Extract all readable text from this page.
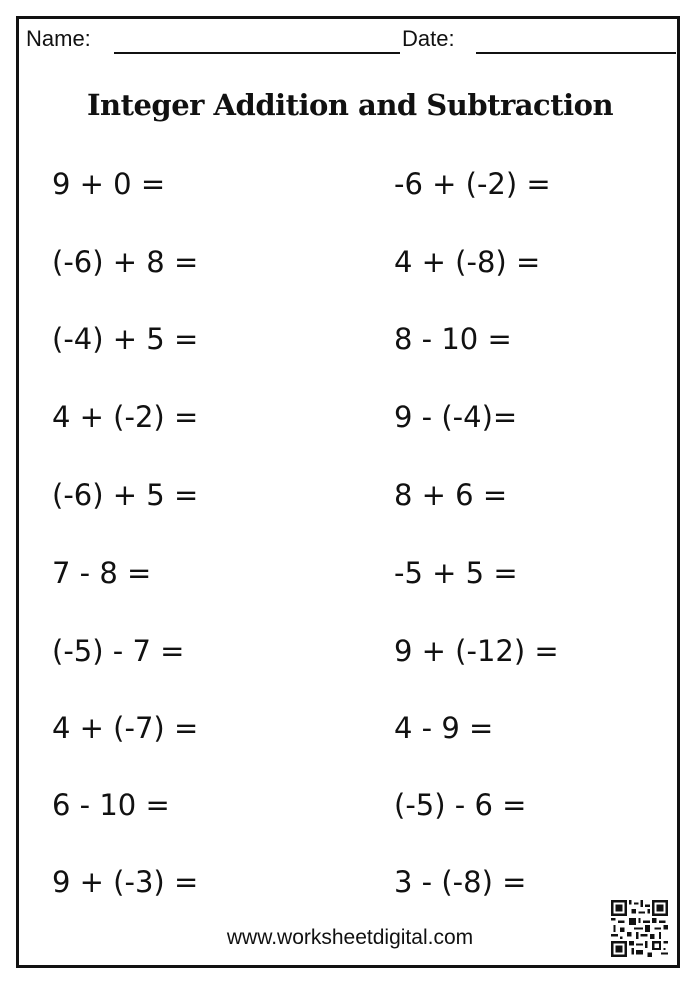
Name:	Date:
Integer Addition and Subtraction
9 + 0 =
(-6) + 8 =
(-4) + 5 =
4 + (-2) =
(-6) + 5 =
7 - 8 =
(-5) - 7 =
4 + (-7) =
6 - 10 =
9 + (-3) =
-6 + (-2) =
4 + (-8) =
8 - 10 =
9 - (-4)=
8 + 6 =
-5 + 5 =
9 + (-12) =
4 - 9 =
(-5) - 6 =
3 - (-8) =
www.worksheetdigital.com
